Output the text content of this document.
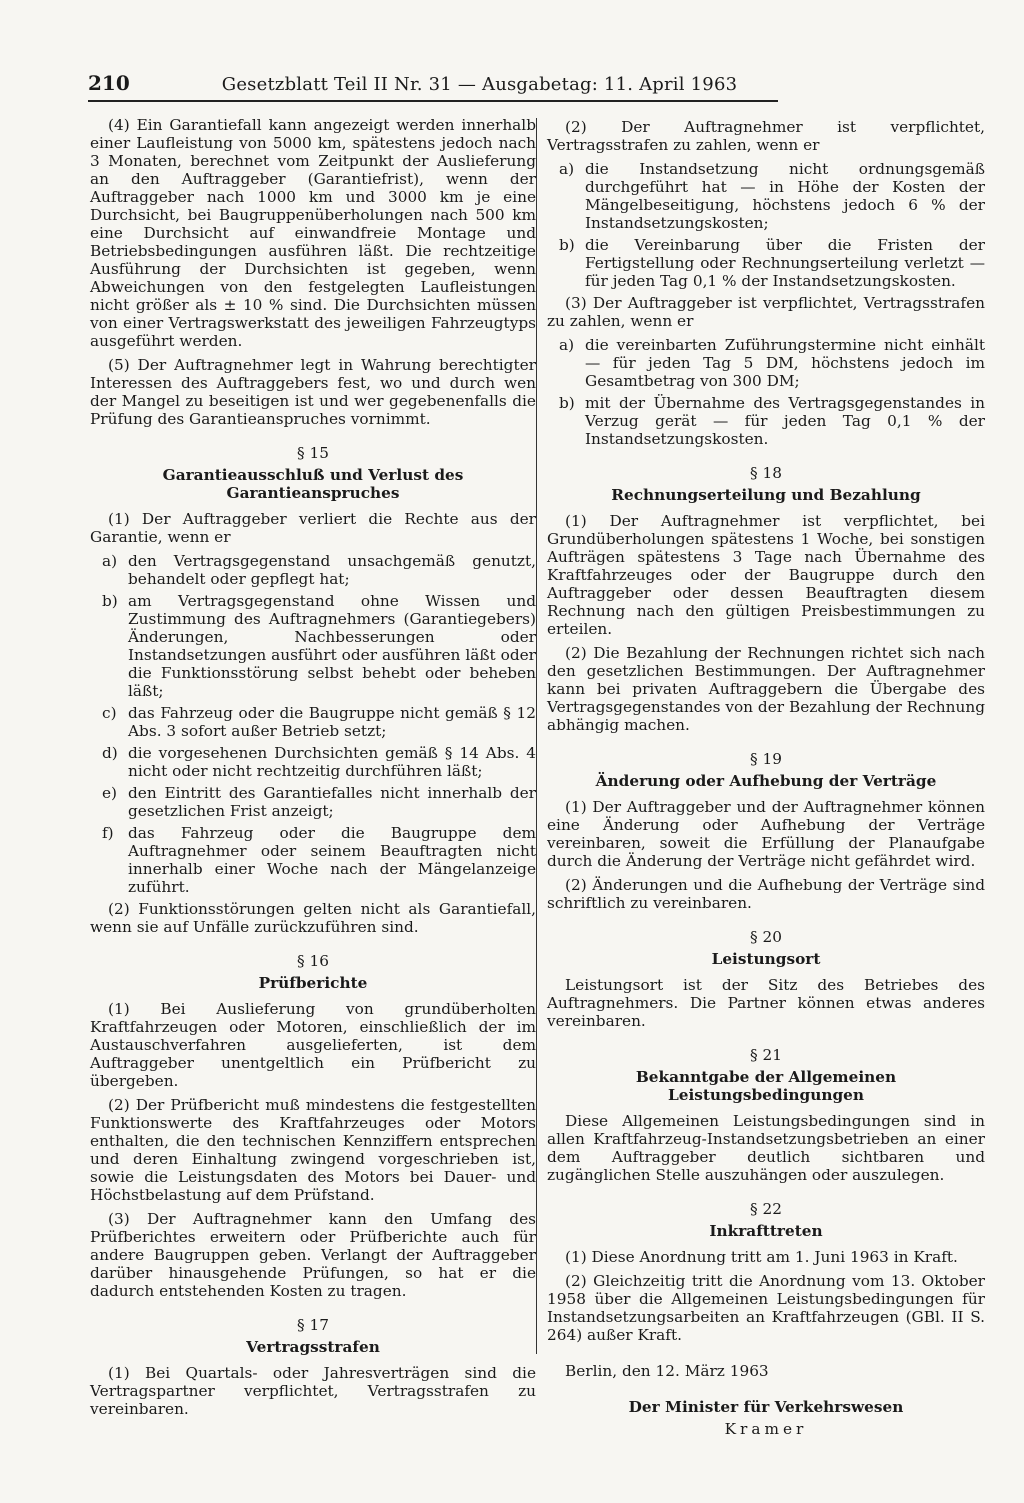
210	Gesetzblatt Teil II Nr. 31 — Ausgabetag: 11. April 1963

(4) Ein Garantiefall kann angezeigt werden innerhalb einer Laufleistung von 5000 km, spätestens jedoch nach 3 Monaten, berechnet vom Zeitpunkt der Auslieferung an den Auftraggeber (Garantiefrist), wenn der Auftraggeber nach 1000 km und 3000 km je eine Durchsicht, bei Baugruppenüberholungen nach 500 km eine Durchsicht auf einwandfreie Montage und Betriebsbedingungen ausführen läßt. Die rechtzeitige Ausführung der Durchsichten ist gegeben, wenn Abweichungen von den festgelegten Laufleistungen nicht größer als ± 10 % sind. Die Durchsichten müssen von einer Vertragswerkstatt des jeweiligen Fahrzeugtyps ausgeführt werden.

(5) Der Auftragnehmer legt in Wahrung berechtigter Interessen des Auftraggebers fest, wo und durch wen der Mangel zu beseitigen ist und wer gegebenenfalls die Prüfung des Garantieanspruches vornimmt.

§ 15
Garantieausschluß und Verlust des Garantieanspruches

(1) Der Auftraggeber verliert die Rechte aus der Garantie, wenn er

a) den Vertragsgegenstand unsachgemäß genutzt, behandelt oder gepflegt hat;
b) am Vertragsgegenstand ohne Wissen und Zustimmung des Auftragnehmers (Garantiegebers) Änderungen, Nachbesserungen oder Instandsetzungen ausführt oder ausführen läßt oder die Funktionsstörung selbst behebt oder beheben läßt;
c) das Fahrzeug oder die Baugruppe nicht gemäß § 12 Abs. 3 sofort außer Betrieb setzt;
d) die vorgesehenen Durchsichten gemäß § 14 Abs. 4 nicht oder nicht rechtzeitig durchführen läßt;
e) den Eintritt des Garantiefalles nicht innerhalb der gesetzlichen Frist anzeigt;
f) das Fahrzeug oder die Baugruppe dem Auftragnehmer oder seinem Beauftragten nicht innerhalb einer Woche nach der Mängelanzeige zuführt.

(2) Funktionsstörungen gelten nicht als Garantiefall, wenn sie auf Unfälle zurückzuführen sind.

§ 16
Prüfberichte

(1) Bei Auslieferung von grundüberholten Kraftfahrzeugen oder Motoren, einschließlich der im Austauschverfahren ausgelieferten, ist dem Auftraggeber unentgeltlich ein Prüfbericht zu übergeben.

(2) Der Prüfbericht muß mindestens die festgestellten Funktionswerte des Kraftfahrzeuges oder Motors enthalten, die den technischen Kennziffern entsprechen und deren Einhaltung zwingend vorgeschrieben ist, sowie die Leistungsdaten des Motors bei Dauer- und Höchstbelastung auf dem Prüfstand.

(3) Der Auftragnehmer kann den Umfang des Prüfberichtes erweitern oder Prüfberichte auch für andere Baugruppen geben. Verlangt der Auftraggeber darüber hinausgehende Prüfungen, so hat er die dadurch entstehenden Kosten zu tragen.

§ 17
Vertragsstrafen

(1) Bei Quartals- oder Jahresverträgen sind die Vertragspartner verpflichtet, Vertragsstrafen zu vereinbaren.

(2) Der Auftragnehmer ist verpflichtet, Vertragsstrafen zu zahlen, wenn er

a) die Instandsetzung nicht ordnungsgemäß durchgeführt hat — in Höhe der Kosten der Mängelbeseitigung, höchstens jedoch 6 % der Instandsetzungskosten;
b) die Vereinbarung über die Fristen der Fertigstellung oder Rechnungserteilung verletzt — für jeden Tag 0,1 % der Instandsetzungskosten.

(3) Der Auftraggeber ist verpflichtet, Vertragsstrafen zu zahlen, wenn er

a) die vereinbarten Zuführungstermine nicht einhält — für jeden Tag 5 DM, höchstens jedoch im Gesamtbetrag von 300 DM;
b) mit der Übernahme des Vertragsgegenstandes in Verzug gerät — für jeden Tag 0,1 % der Instandsetzungskosten.
§ 18
Rechnungserteilung und Bezahlung

(1) Der Auftragnehmer ist verpflichtet, bei Grundüberholungen spätestens 1 Woche, bei sonstigen Aufträgen spätestens 3 Tage nach Übernahme des Kraftfahrzeuges oder der Baugruppe durch den Auftraggeber oder dessen Beauftragten diesem Rechnung nach den gültigen Preisbestimmungen zu erteilen.

(2) Die Bezahlung der Rechnungen richtet sich nach den gesetzlichen Bestimmungen. Der Auftragnehmer kann bei privaten Auftraggebern die Übergabe des Vertragsgegenstandes von der Bezahlung der Rechnung abhängig machen.

§ 19
Änderung oder Aufhebung der Verträge

(1) Der Auftraggeber und der Auftragnehmer können eine Änderung oder Aufhebung der Verträge vereinbaren, soweit die Erfüllung der Planaufgabe durch die Änderung der Verträge nicht gefährdet wird.

(2) Änderungen und die Aufhebung der Verträge sind schriftlich zu vereinbaren.

§ 20
Leistungsort

Leistungsort ist der Sitz des Betriebes des Auftragnehmers. Die Partner können etwas anderes vereinbaren.

§ 21
Bekanntgabe der Allgemeinen Leistungsbedingungen

Diese Allgemeinen Leistungsbedingungen sind in allen Kraftfahrzeug-Instandsetzungsbetrieben an einer dem Auftraggeber deutlich sichtbaren und zugänglichen Stelle auszuhängen oder auszulegen.

§ 22
Inkrafttreten

(1) Diese Anordnung tritt am 1. Juni 1963 in Kraft.

(2) Gleichzeitig tritt die Anordnung vom 13. Oktober 1958 über die Allgemeinen Leistungsbedingungen für Instandsetzungsarbeiten an Kraftfahrzeugen (GBl. II S. 264) außer Kraft.

Berlin, den 12. März 1963
Der Minister für Verkehrswesen
Kramer
